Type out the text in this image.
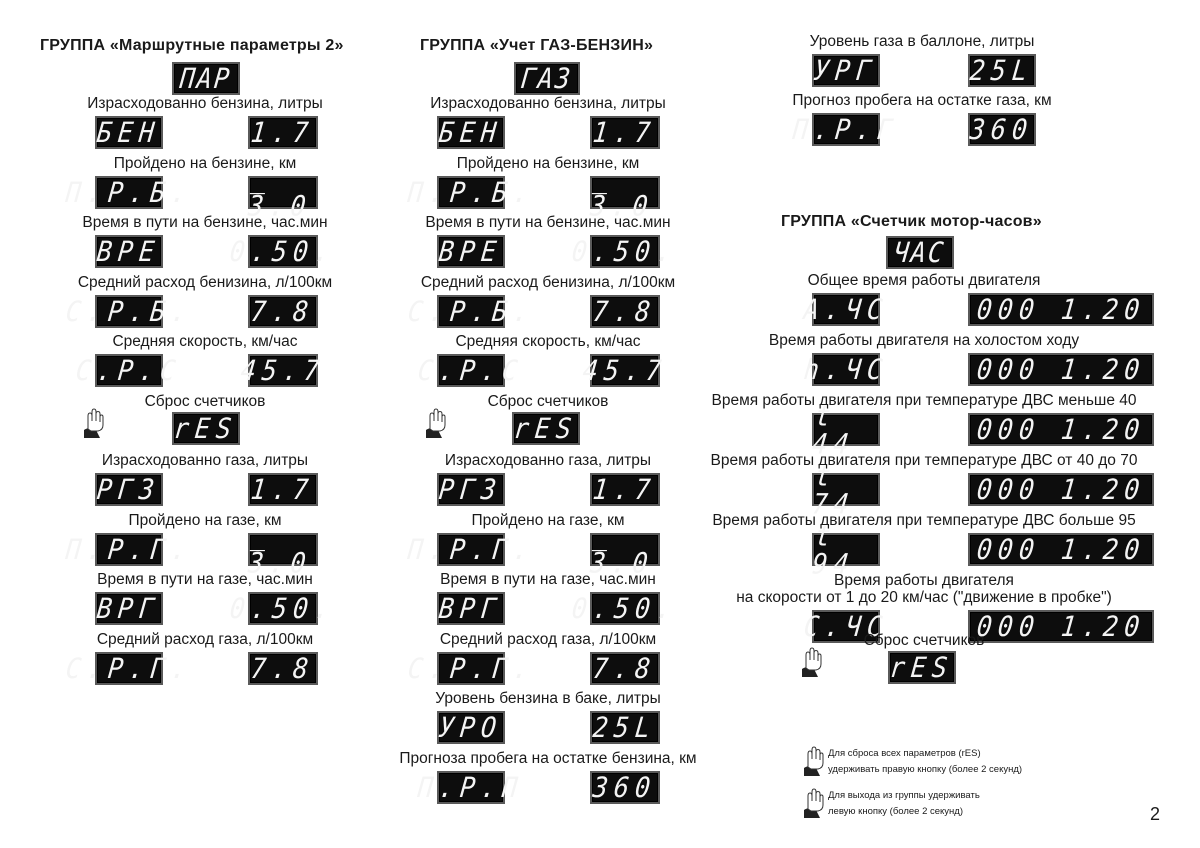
ГРУППА «Маршрутные параметры 2»
ПАР
Израсходованно бензина, литры
БЕН	1.7
Пройдено на бензине, км
П.Р.Б. _ 3.0
Время в пути на бензине, час.мин
ВРЕ	0.50.
Средний расход бенизина, л/100км
С.Р.Б. 7.8
Средняя скорость, км/час
С.Р.С 45.7
Сброс счетчиков
rES
Израсходованно газа, литры
РГЗ	1.7
Пройдено на газе, км
П.Р.Г. _ 3.0
Время в пути на газе, час.мин
ВРГ	0.50.
Средний расход газа, л/100км
С.Р.Г. 7.8
ГРУППА «Учет ГАЗ-БЕНЗИН»
ГАЗ
Израсходованно бензина, литры
БЕН	1.7
Пройдено на бензине, км
П.Р.Б. _ 3.0
Время в пути на бензине, час.мин
ВРЕ	0.50.
Средний расход бенизина, л/100км
С.Р.Б. 7.8
Средняя скорость, км/час
С.Р.С 45.7
Сброс счетчиков
rES
Израсходованно газа, литры
РГЗ	1.7
Пройдено на газе, км
П.Р.Г. _ 3.0
Время в пути на газе, час.мин
ВРГ	0.50.
Средний расход газа, л/100км
С.Р.Г. 7.8
Уровень бензина в баке, литры
УРО	25L
Прогноза пробега на остатке бензина, км
П.Р.П	360
Уровень газа в баллоне, литры
УРГ	25L
Прогноз пробега на остатке газа, км
П.Р.Г	360
ГРУППА «Счетчик мотор-часов»
ЧАС
Общее время работы двигателя
А.ЧС	000 1.20
Время работы двигателя на холостом ходу
h.ЧС	000 1.20
Время работы двигателя при температуре ДВС меньше 40
t 44	000 1.20
Время работы двигателя при температуре ДВС от 40 до 70
t 74	000 1.20
Время работы двигателя при температуре ДВС больше 95
t 94	000 1.20
Время работы двигателя
на скорости от 1 до 20 км/час ("движение в пробке")
С.ЧС	000 1.20
Сброс счетчиков
rES
Для сброса всех параметров (rES)
удерживать правую кнопку (более 2 секунд)
Для выхода из группы удерживать
левую кнопку (более 2 секунд)	2
